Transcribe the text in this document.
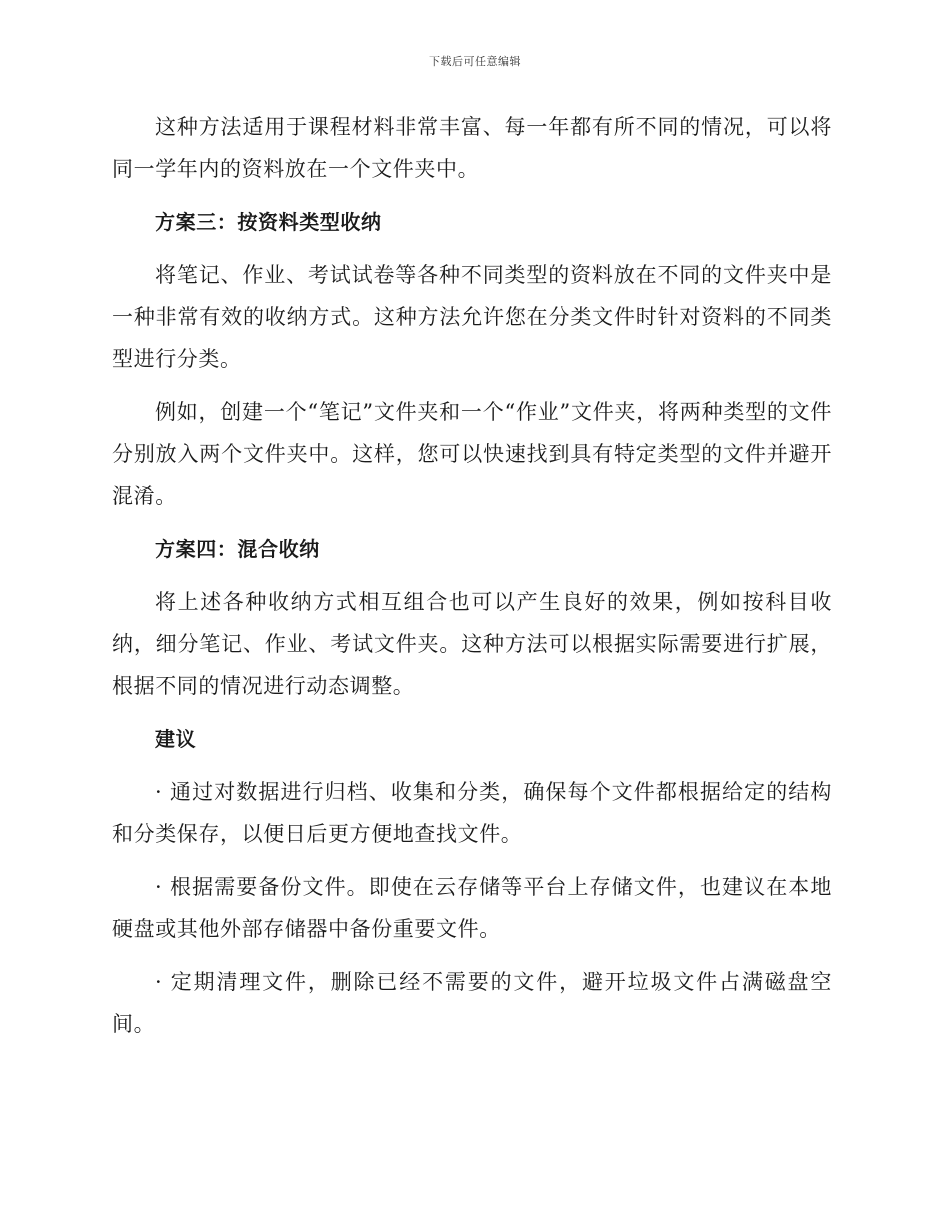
下载后可任意编辑

这种方法适用于课程材料非常丰富、每一年都有所不同的情况，可以将同一学年内的资料放在一个文件夹中。

方案三：按资料类型收纳

将笔记、作业、考试试卷等各种不同类型的资料放在不同的文件夹中是一种非常有效的收纳方式。这种方法允许您在分类文件时针对资料的不同类型进行分类。

例如，创建一个“笔记”文件夹和一个“作业”文件夹，将两种类型的文件分别放入两个文件夹中。这样，您可以快速找到具有特定类型的文件并避开混淆。

方案四：混合收纳

将上述各种收纳方式相互组合也可以产生良好的效果，例如按科目收纳，细分笔记、作业、考试文件夹。这种方法可以根据实际需要进行扩展，根据不同的情况进行动态调整。

建议

· 通过对数据进行归档、收集和分类，确保每个文件都根据给定的结构和分类保存，以便日后更方便地查找文件。

· 根据需要备份文件。即使在云存储等平台上存储文件，也建议在本地硬盘或其他外部存储器中备份重要文件。

· 定期清理文件，删除已经不需要的文件，避开垃圾文件占满磁盘空间。
